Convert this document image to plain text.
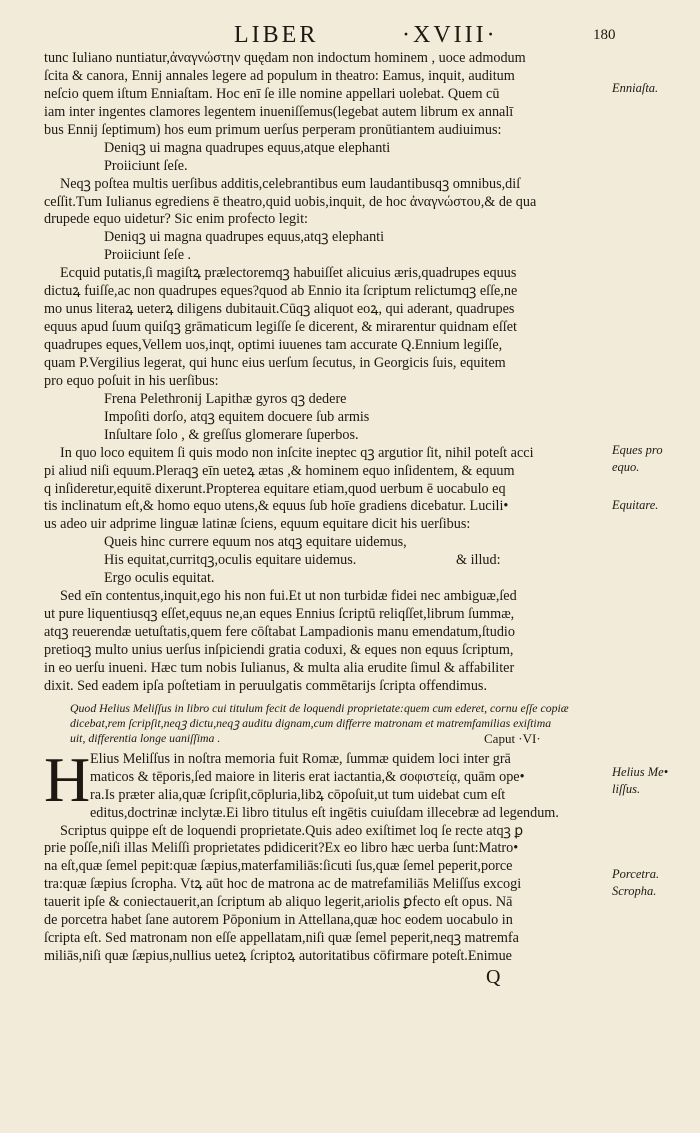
LIBER	·XVIII·	180
tunc Iuliano nuntiatur,ἀναγνώστην quędam non indoctum hominem , uoce admodum
ſcita & canora, Ennij annales legere ad populum in theatro: Eamus, inquit, auditum
neſcio quem iſtum Enniaſtam. Hoc enī ſe ille nomine appellari uolebat. Quem cū
iam inter ingentes clamores legentem inueniſſemus(legebat autem librum ex annalī
bus Ennij ſeptimum) hos eum primum uerſus perperam pronūtiantem audiuimus:
Deniqꝫ ui magna quadrupes equus,atque elephanti
Proiiciunt ſeſe.
Neqꝫ poſtea multis uerſibus additis,celebrantibus eum laudantibusqꝫ omnibus,diſ
ceſſit.Tum Iulianus egrediens ē theatro,quid uobis,inquit, de hoc ἀναγνώστου,& de qua
drupede equo uidetur? Sic enim profecto legit:
Deniqꝫ ui magna quadrupes equus,atqꝫ elephanti
Proiiciunt ſeſe .
Ecquid putatis,ſi magiſtꝝ prælectoremqꝫ habuiſſet alicuius æris,quadrupes equus
dictuꝝ fuiſſe,ac non quadrupes eques?quod ab Ennio ita ſcriptum relictumqꝫ eſſe,ne
mo unus literaꝝ ueterꝝ diligens dubitauit.Cūqꝫ aliquot eoꝝ, qui aderant, quadrupes
equus apud ſuum quiſqꝫ grāmaticum legiſſe ſe dicerent, & mirarentur quidnam eſſet
quadrupes eques,Vellem uos,inqt, optimi iuuenes tam accurate Q.Ennium legiſſe,
quam P.Vergilius legerat, qui hunc eius uerſum ſecutus, in Georgicis ſuis, equitem
pro equo poſuit in his uerſibus:
Frena Pelethronij Lapithæ gyros qꝫ dedere
Impoſiti dorſo, atqꝫ equitem docuere ſub armis
Inſultare ſolo , & greſſus glomerare ſuperbos.
In quo loco equitem ſi quis modo non inſcite ineptec qꝫ argutior ſit, nihil poteſt acci
pi aliud niſi equum.Pleraqꝫ eīn ueteꝝ ætas ,& hominem equo inſidentem, & equum
q inſideretur,equitē dixerunt.Propterea equitare etiam,quod uerbum ē uocabulo eq
tis inclinatum eſt,& homo equo utens,& equus ſub hoīe gradiens dicebatur. Lucili•
us adeo uir adprime linguæ latinæ ſciens, equum equitare dicit his uerſibus:
Queis hinc currere equum nos atqꝫ equitare uidemus,
His equitat,curritqꝫ,oculis equitare uidemus.	& illud:
Ergo oculis equitat.
Sed eīn contentus,inquit,ego his non fui.Et ut non turbidæ fidei nec ambiguæ,ſed
ut pure liquentiusqꝫ eſſet,equus ne,an eques Ennius ſcriptū reliqſſet,librum ſummæ,
atqꝫ reuerendæ uetuſtatis,quem fere cōſtabat Lampadionis manu emendatum,ſtudio
pretioqꝫ multo unius uerſus inſpiciendi gratia coduxi, & eques non equus ſcriptum,
in eo uerſu inueni. Hæc tum nobis Iulianus, & multa alia erudite ſimul & affabiliter
dixit. Sed eadem ipſa poſtetiam in peruulgatis commētarijs ſcripta offendimus.
Quod Helius Meliſſus in libro cui titulum fecit de loquendi proprietate:quem cum ederet, cornu eſſe copiæ
dicebat,rem ſcripſit,neqꝫ dictu,neqꝫ auditu dignam,cum differre matronam et matremfamilias exiſtima
uit, differentia longe uaniſſima .	Caput ·VI·
H Elius Meliſſus in noſtra memoria fuit Romæ, ſummæ quidem loci inter grā
maticos & tēporis,ſed maiore in literis erat iactantia,& σοφιστείᾳ, quām ope•
ra.Is præter alia,quæ ſcripſit,cōpluria,libꝝ cōpoſuit,ut tum uidebat cum eſt
editus,doctrinæ inclytæ.Ei libro titulus eſt ingētis cuiuſdam illecebræ ad legendum.
Scriptus quippe eſt de loquendi proprietate.Quis adeo exiſtimet loq ſe recte atqꝫ ꝑ
prie poſſe,niſi illas Meliſſi proprietates pdidicerit?Ex eo libro hæc uerba ſunt:Matro•
na eſt,quæ ſemel pepit:quæ ſæpius,materfamiliās:ſicuti ſus,quæ ſemel peperit,porce
tra:quæ ſæpius ſcropha. Vtꝝ aūt hoc de matrona ac de matrefamiliās Meliſſus excogi
tauerit ipſe & coniectauerit,an ſcriptum ab aliquo legerit,ariolis ꝑfecto eſt opus. Nā
de porcetra habet ſane autorem Pōponium in Attellana,quæ hoc eodem uocabulo in
ſcripta eſt. Sed matronam non eſſe appellatam,niſi quæ ſemel peperit,neqꝫ matremfa
miliās,niſi quæ ſæpius,nullius ueteꝝ ſcriptoꝝ autoritatibus cōfirmare poteſt.Enimue
Q
Enniaſta.
Eques pro
equo.
Equitare.
Helius Me•
liſſus.
Porcetra.
Scropha.
